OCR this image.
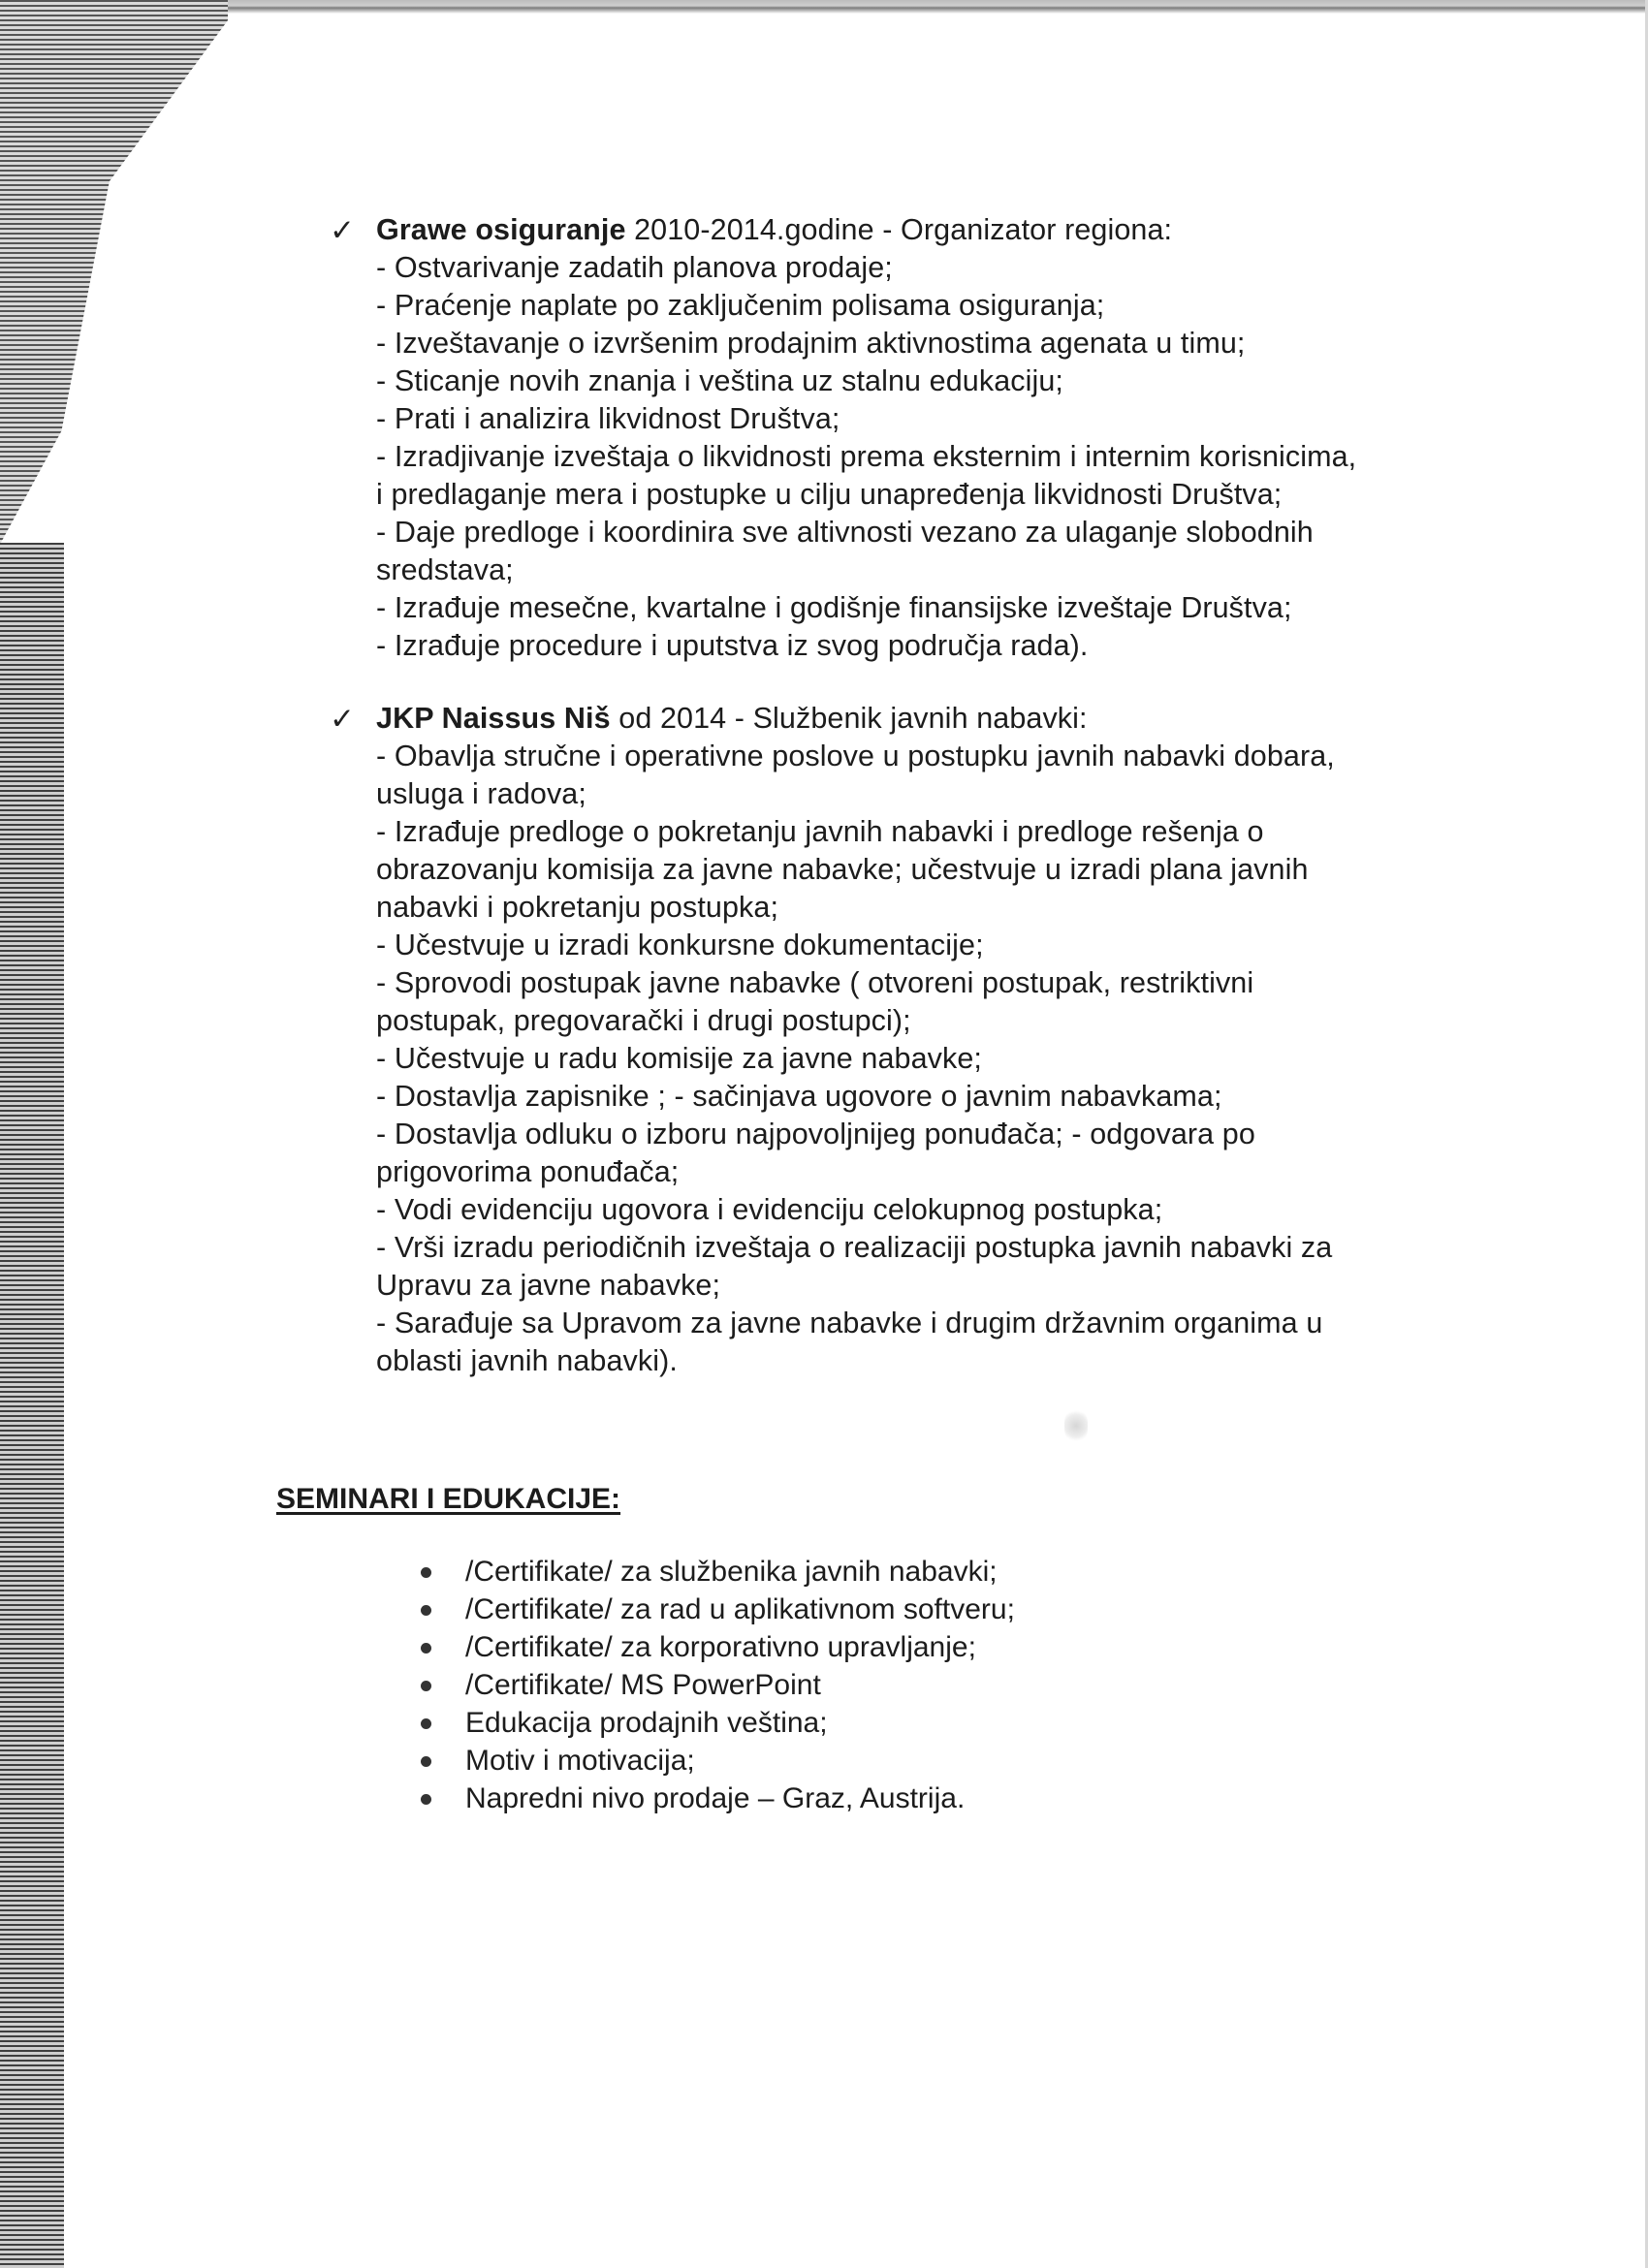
✓ Grawe osiguranje 2010-2014.godine - Organizator regiona:
- Ostvarivanje zadatih planova prodaje;
- Praćenje naplate po zaključenim polisama osiguranja;
- Izveštavanje o izvršenim prodajnim aktivnostima agenata u timu;
- Sticanje novih znanja i veština uz stalnu edukaciju;
- Prati i analizira likvidnost Društva;
- Izradjivanje izveštaja o likvidnosti prema eksternim i internim korisnicima,
i predlaganje mera i postupke u cilju unapređenja likvidnosti Društva;
- Daje predloge i koordinira sve altivnosti vezano za ulaganje slobodnih
sredstava;
- Izrađuje mesečne, kvartalne i godišnje finansijske izveštaje Društva;
- Izrađuje procedure i uputstva iz svog područja rada).
✓ JKP Naissus Niš od 2014 - Službenik javnih nabavki:
- Obavlja stručne i operativne poslove u postupku javnih nabavki dobara,
usluga i radova;
- Izrađuje predloge o pokretanju javnih nabavki i predloge rešenja o
obrazovanju komisija za javne nabavke; učestvuje u izradi plana javnih
nabavki i pokretanju postupka;
- Učestvuje u izradi konkursne dokumentacije;
- Sprovodi postupak javne nabavke ( otvoreni postupak, restriktivni
postupak, pregovarački i drugi postupci);
- Učestvuje u radu komisije za javne nabavke;
- Dostavlja zapisnike ; - sačinjava ugovore o javnim nabavkama;
- Dostavlja odluku o izboru najpovoljnijeg ponuđača; - odgovara po
prigovorima ponuđača;
- Vodi evidenciju ugovora i evidenciju celokupnog postupka;
- Vrši izradu periodičnih izveštaja o realizaciji postupka javnih nabavki za
Upravu za javne nabavke;
- Sarađuje sa Upravom za javne nabavke i drugim državnim organima u
oblasti javnih nabavki).
SEMINARI I EDUKACIJE:
/Certifikate/ za službenika javnih nabavki;
/Certifikate/ za rad u aplikativnom softveru;
/Certifikate/ za korporativno upravljanje;
/Certifikate/ MS PowerPoint
Edukacija prodajnih veština;
Motiv i motivacija;
Napredni nivo prodaje – Graz, Austrija.
